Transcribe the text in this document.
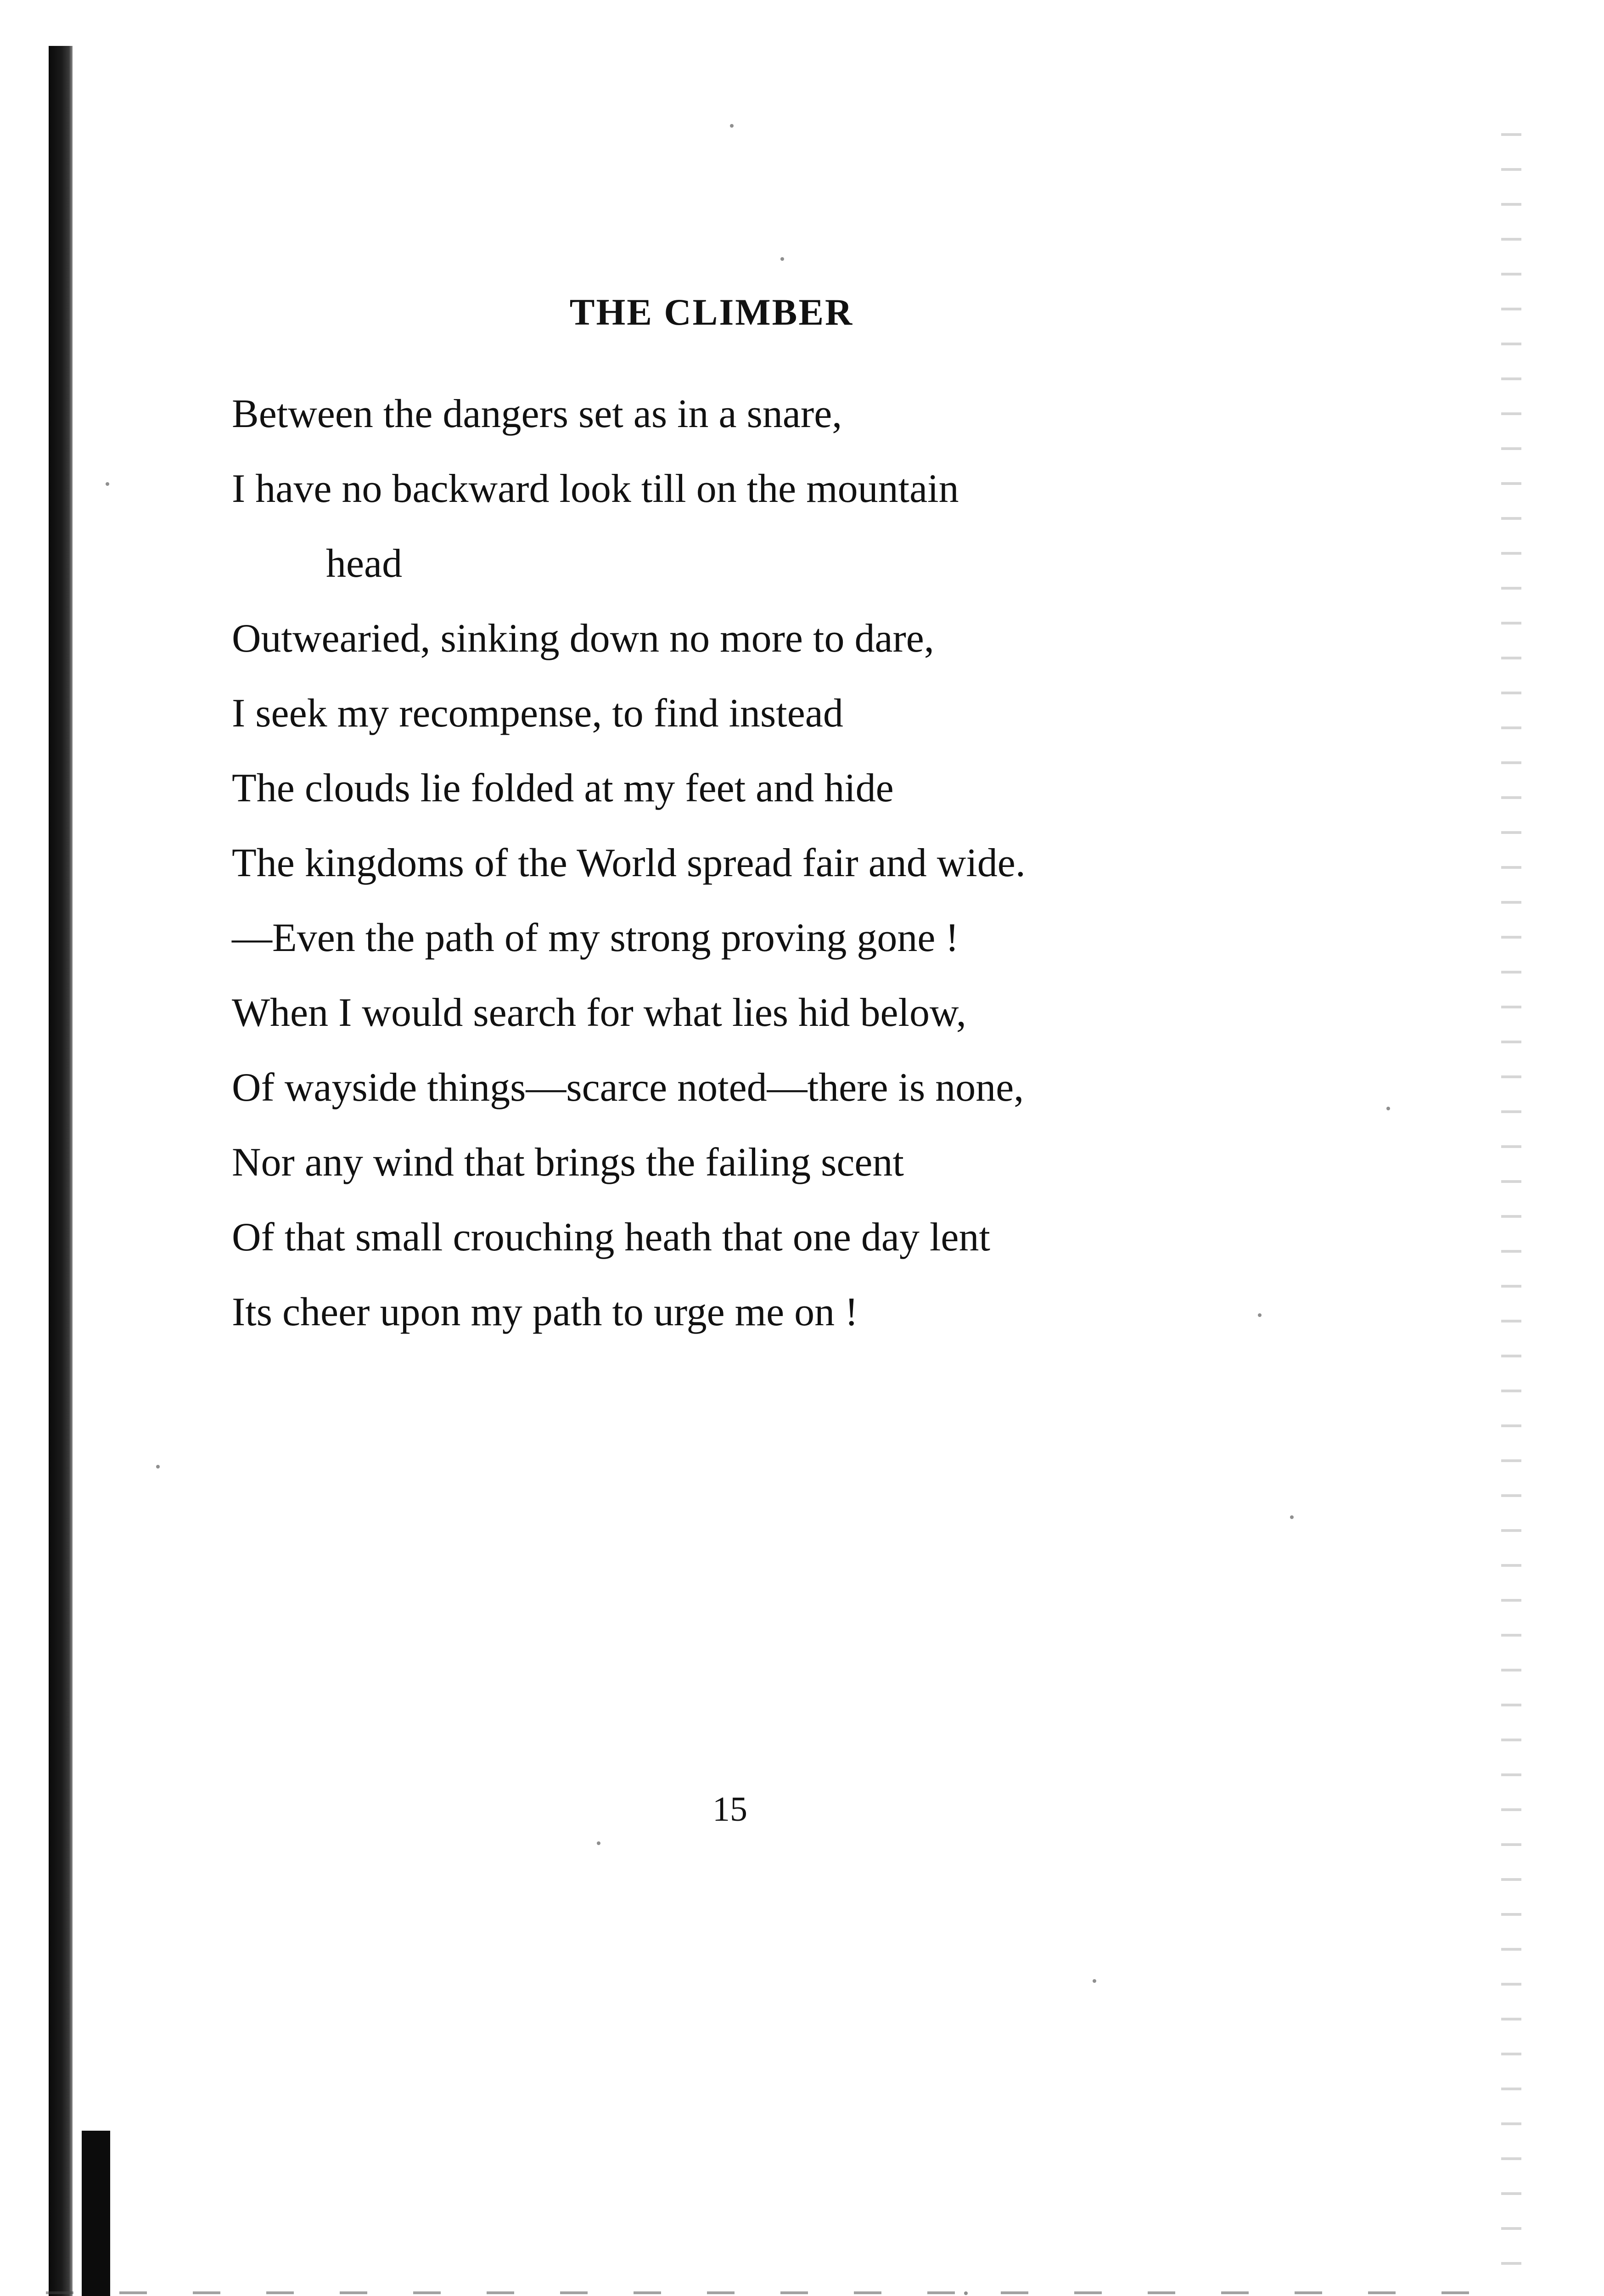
THE CLIMBER
Between the dangers set as in a snare,
I have no backward look till on the mountain
head
Outwearied, sinking down no more to dare,
I seek my recompense, to find instead
The clouds lie folded at my feet and hide
The kingdoms of the World spread fair and wide.
—Even the path of my strong proving gone !
When I would search for what lies hid below,
Of wayside things—scarce noted—there is none,
Nor any wind that brings the failing scent
Of that small crouching heath that one day lent
Its cheer upon my path to urge me on !
15
